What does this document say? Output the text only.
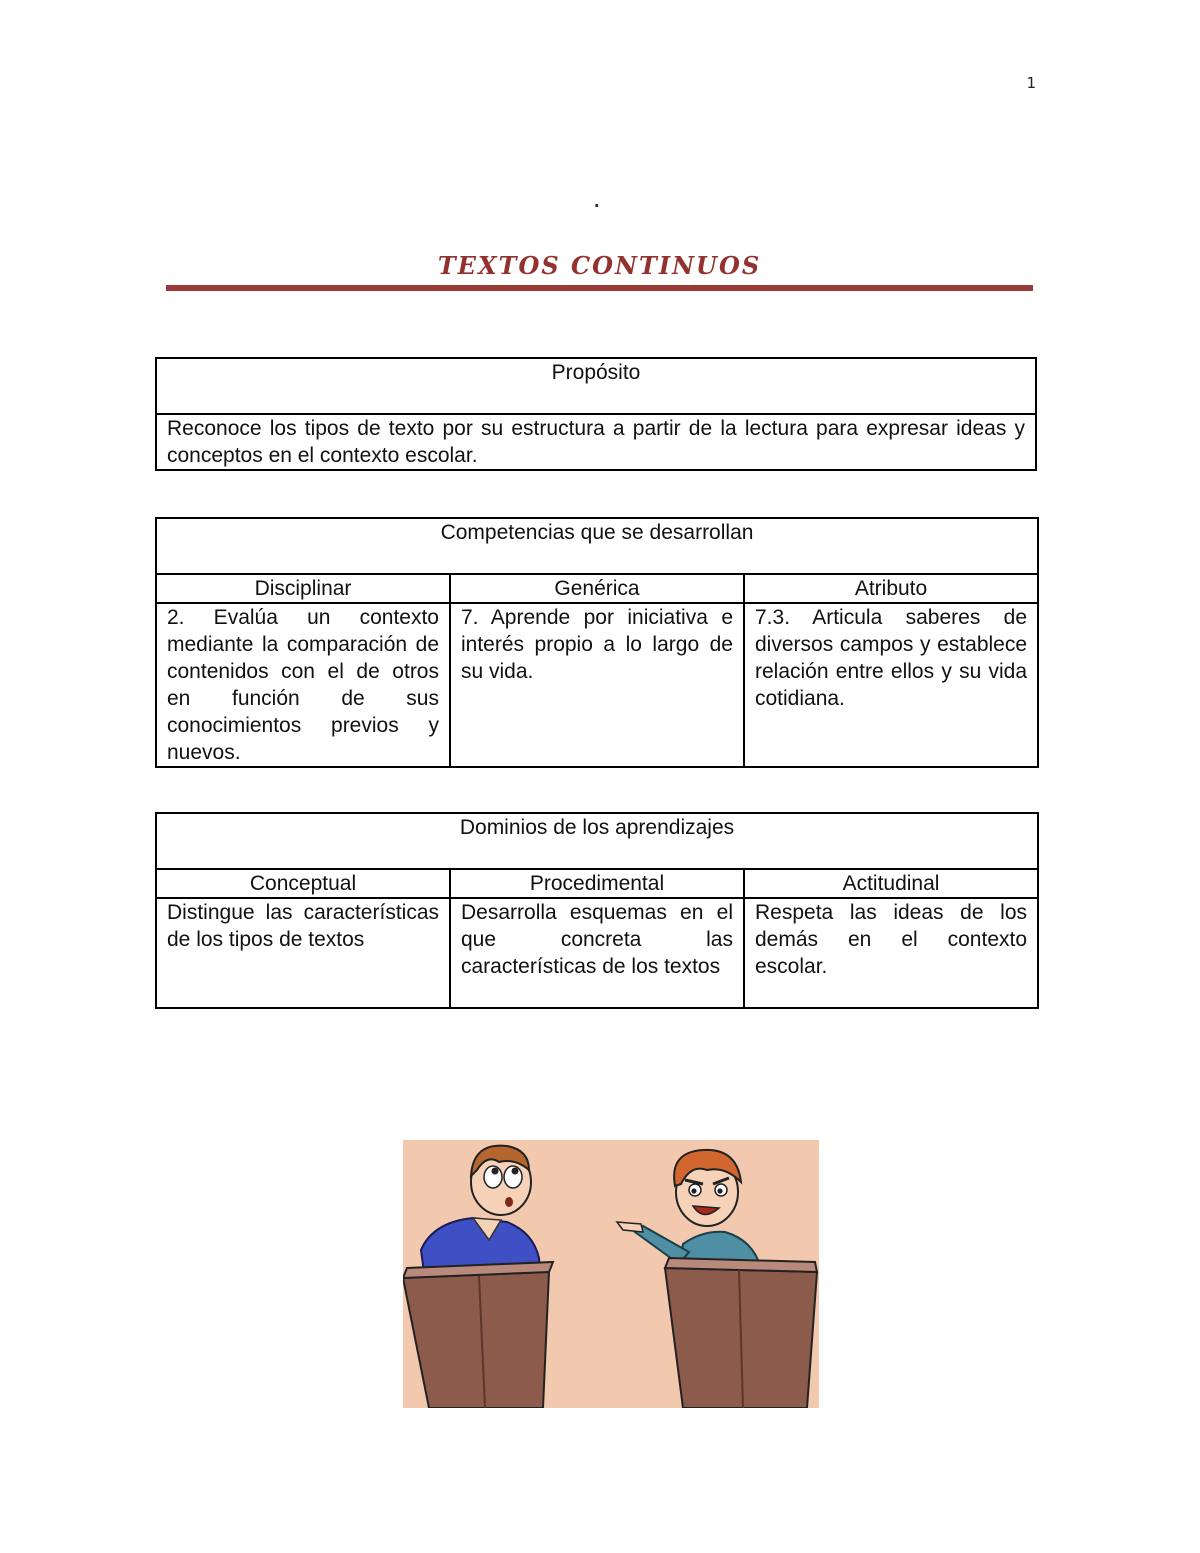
1
.
TEXTOS CONTINUOS
Propósito
Reconoce los tipos de texto por su estructura a partir de la lectura para expresar ideas y conceptos en el contexto escolar.
Competencias que se desarrollan		
Disciplinar	Genérica	Atributo
2. Evalúa un contexto mediante la comparación de contenidos con el de otros en función de sus conocimientos previos y nuevos.	7. Aprende por iniciativa e interés propio a lo largo de su vida.	7.3. Articula saberes de diversos campos y establece relación entre ellos y su vida cotidiana.
Dominios de los aprendizajes		
Conceptual	Procedimental	Actitudinal
Distingue las características de los tipos de textos	Desarrolla esquemas en el que concreta las características de los textos	Respeta las ideas de los demás en el contexto escolar.
